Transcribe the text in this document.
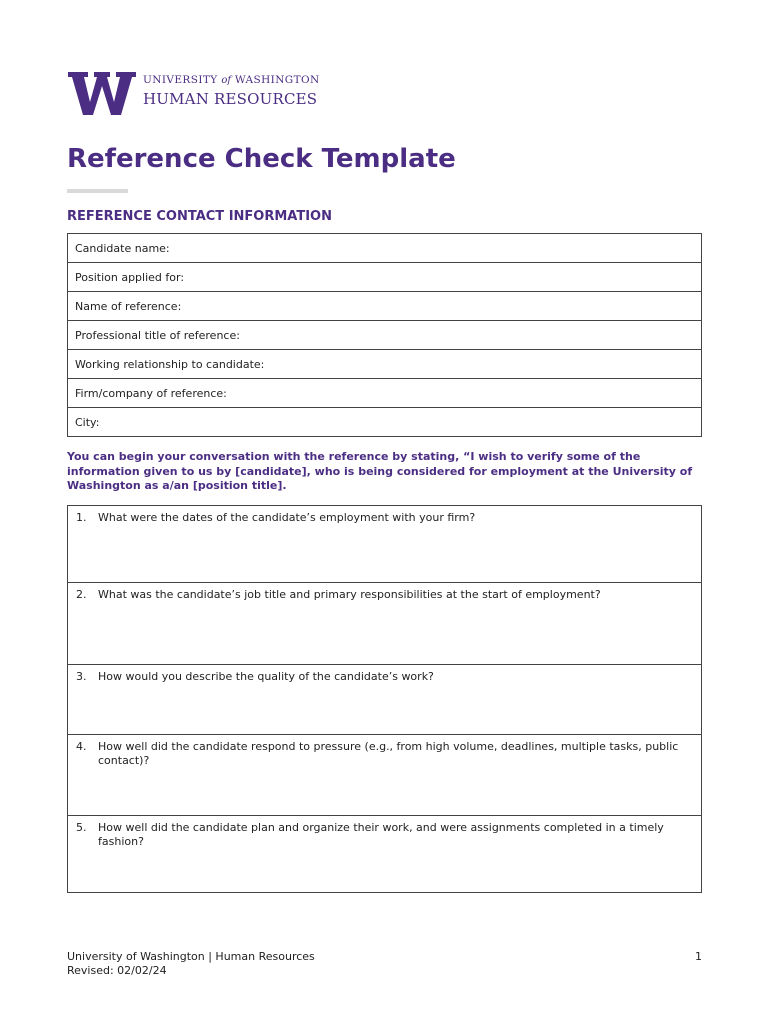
UNIVERSITY of WASHINGTON
HUMAN RESOURCES
Reference Check Template
REFERENCE CONTACT INFORMATION
Candidate name:
Position applied for:
Name of reference:
Professional title of reference:
Working relationship to candidate:
Firm/company of reference:
City:

You can begin your conversation with the reference by stating, “I wish to verify some of the information given to us by [candidate], who is being considered for employment at the University of Washington as a/an [position title].

1.	What were the dates of the candidate’s employment with your firm?

2.	What was the candidate’s job title and primary responsibilities at the start of employment?

3.	How would you describe the quality of the candidate’s work?

4.	How well did the candidate respond to pressure (e.g., from high volume, deadlines, multiple tasks, public contact)?

5.	How well did the candidate plan and organize their work, and were assignments completed in a timely fashion?
University of Washington | Human Resources
Revised: 02/02/24
1
